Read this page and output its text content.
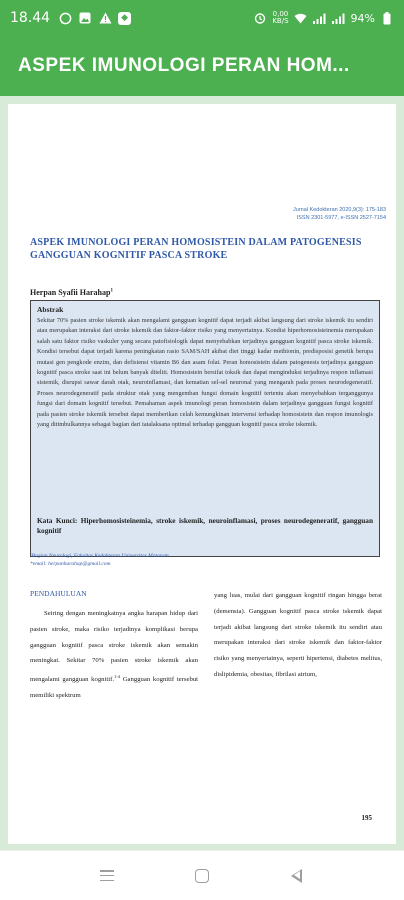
18.44	◆	0,00
KB/S	94%
ASPEK IMUNOLOGI PERAN HOM...
Jurnal Kedokteran 2020,9(3): 175-183
ISSN 2301-5977, e-ISSN 2527-7154
ASPEK IMUNOLOGI PERAN HOMOSISTEIN DALAM PATOGENESIS GANGGUAN KOGNITIF PASCA STROKE
Herpan Syafii Harahap$^1$
Abstrak
Sekitar 70% pasien stroke iskemik akan mengalami gangguan kognitif dapat terjadi akibat langsung dari stroke iskemik itu sendiri atau merupakan interaksi dari stroke iskemik dan faktor-faktor risiko yang menyertainya. Kondisi hiperhomosisteinemia merupakan salah satu faktor risiko vaskuler yang secara patofisiologik dapat menyebabkan terjadinya gangguan kognitif pasca stroke iskemik. Kondisi tersebut dapat terjadi karena peningkatan rasio SAM/SAH akibat diet tinggi kadar methionin, predisposisi genetik berupa mutasi gen pengkode enzim, dan defisiensi vitamin B6 dan asam folat. Peran homosistein dalam patogenesis terjadinya gangguan kognitif pasca stroke saat ini belum banyak diteliti. Homosistein bersifat toksik dan dapat menginduksi terjadinya respon inflamasi sistemik, disrupsi sawar darah otak, neuroinflamasi, dan kematian sel-sel neuronal yang mengarah pada proses neurodegeneratif. Proses neurodegeneratif pada struktur otak yang mengemban fungsi domain kognitif tertentu akan menyebabkan terganggunya fungsi dari domain kognitif tersebut. Pemahaman aspek imunologi peran homosistein dalam terjadinya gangguan fungsi kognitif pada pasien stroke iskemik tersebut dapat memberikan celah kemungkinan intervensi terhadap homosistein dan respon imunologis yang ditimbulkannya sebagai bagian dari tatalaksana optimal terhadap gangguan kognitif pasca stroke iskemik.
Kata Kunci: Hiperhomosisteinemia, stroke iskemik, neuroinflamasi, proses neurodegeneratif, gangguan kognitif
¹Bagian Neurologi, Fakultas Kedokteran Universitas Mataram
*email: herpanharahap@gmail.com
PENDAHULUAN
Seiring dengan meningkatnya angka harapan hidup dari pasien stroke, maka risiko terjadinya komplikasi berupa gangguan kognitif pasca stroke iskemik akan semakin meningkat. Sekitar 70% pasien stroke iskemik akan mengalami gangguan kognitif.$^{1-4}$ Gangguan kognitif tersebut memiliki spektrum
yang luas, mulai dari gangguan kognitif ringan hingga berat (demensia). Gangguan kognitif pasca stroke iskemik dapat terjadi akibat langsung dari stroke iskemik itu sendiri atau merupakan interaksi dari stroke iskemik dan faktor-faktor risiko yang menyertainya, seperti hipertensi, diabetes melitus, dislipidemia, obesitas, fibrilasi atrium,
195
